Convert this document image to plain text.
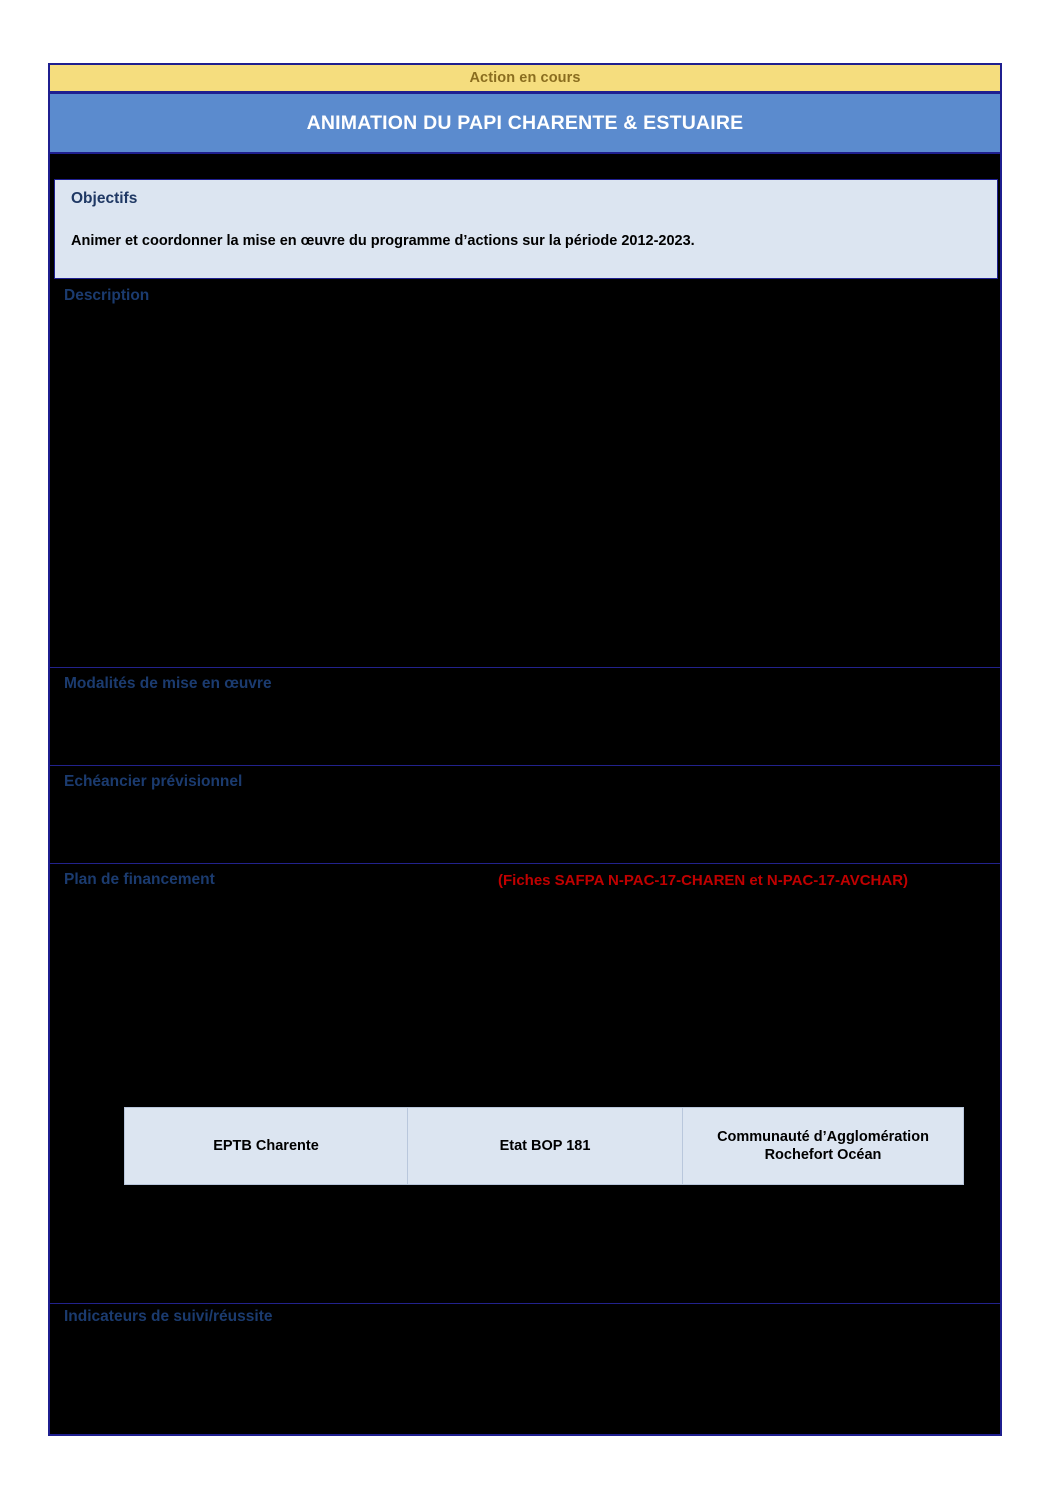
Action en cours
ANIMATION DU PAPI CHARENTE & ESTUAIRE
Objectifs
Animer et coordonner la mise en œuvre du programme d’actions sur la période 2012-2023.
Description
Modalités de mise en œuvre
Echéancier prévisionnel
Plan de financement	(Fiches SAFPA N-PAC-17-CHAREN et N-PAC-17-AVCHAR)
EPTB Charente	Etat BOP 181	Communauté d’Agglomération Rochefort Océan
Indicateurs de suivi/réussite
